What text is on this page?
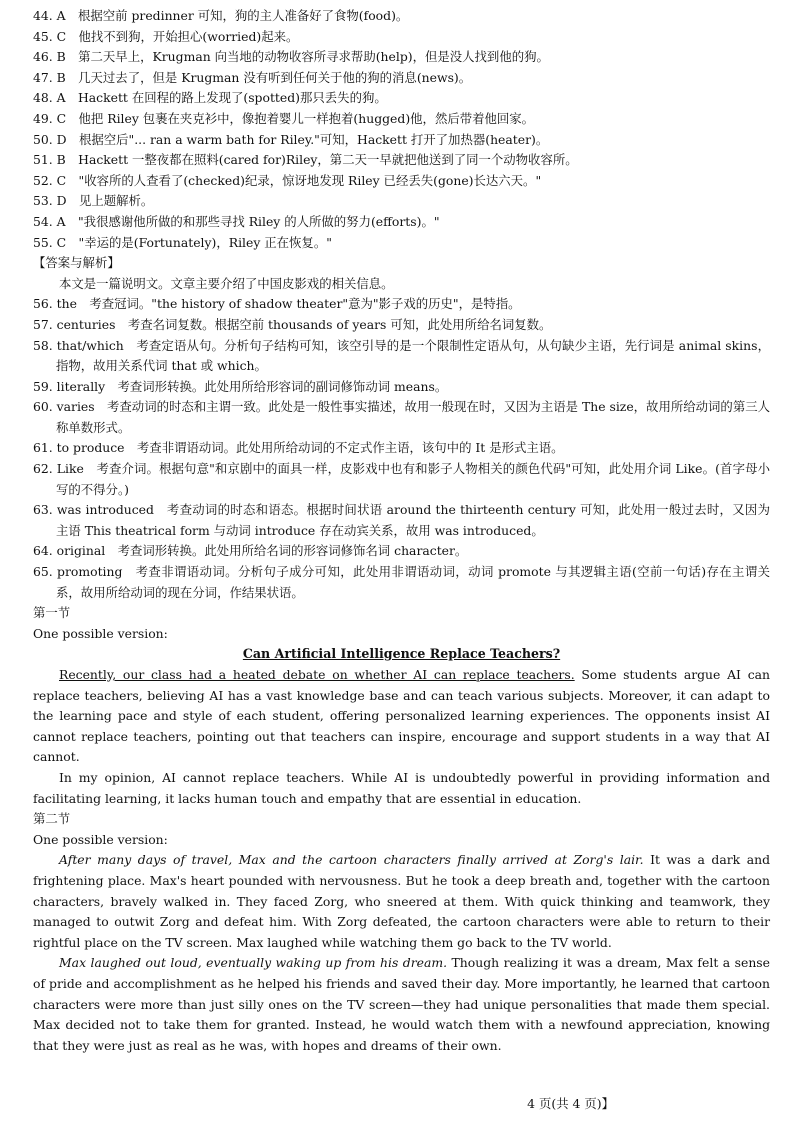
44. A　根据空前 predinner 可知，狗的主人准备好了食物(food)。
45. C　他找不到狗，开始担心(worried)起来。
46. B　第二天早上，Krugman 向当地的动物收容所寻求帮助(help)，但是没人找到他的狗。
47. B　几天过去了，但是 Krugman 没有听到任何关于他的狗的消息(news)。
48. A　Hackett 在回程的路上发现了(spotted)那只丢失的狗。
49. C　他把 Riley 包裹在夹克衫中，像抱着婴儿一样抱着(hugged)他，然后带着他回家。
50. D　根据空后"... ran a warm bath for Riley."可知，Hackett 打开了加热器(heater)。
51. B　Hackett 一整夜都在照料(cared for)Riley，第二天一早就把他送到了同一个动物收容所。
52. C　"收容所的人查看了(checked)纪录，惊讶地发现 Riley 已经丢失(gone)长达六天。"
53. D　见上题解析。
54. A　"我很感谢他所做的和那些寻找 Riley 的人所做的努力(efforts)。"
55. C　"幸运的是(Fortunately)，Riley 正在恢复。"
【答案与解析】
本文是一篇说明文。文章主要介绍了中国皮影戏的相关信息。
56. the　考查冠词。"the history of shadow theater"意为"影子戏的历史"，是特指。
57. centuries　考查名词复数。根据空前 thousands of years 可知，此处用所给名词复数。
58. that/which　考查定语从句。分析句子结构可知，该空引导的是一个限制性定语从句，从句缺少主语，先行词是 animal skins，指物，故用关系代词 that 或 which。
59. literally　考查词形转换。此处用所给形容词的副词修饰动词 means。
60. varies　考查动词的时态和主谓一致。此处是一般性事实描述，故用一般现在时，又因为主语是 The size，故用所给动词的第三人称单数形式。
61. to produce　考查非谓语动词。此处用所给动词的不定式作主语，该句中的 It 是形式主语。
62. Like　考查介词。根据句意"和京剧中的面具一样，皮影戏中也有和影子人物相关的颜色代码"可知，此处用介词 Like。(首字母小写的不得分。)
63. was introduced　考查动词的时态和语态。根据时间状语 around the thirteenth century 可知，此处用一般过去时，又因为主语 This theatrical form 与动词 introduce 存在动宾关系，故用 was introduced。
64. original　考查词形转换。此处用所给名词的形容词修饰名词 character。
65. promoting　考查非谓语动词。分析句子成分可知，此处用非谓语动词，动词 promote 与其逻辑主语(空前一句话)存在主谓关系，故用所给动词的现在分词，作结果状语。
第一节
One possible version:
Can Artificial Intelligence Replace Teachers?
Recently, our class had a heated debate on whether AI can replace teachers. Some students argue AI can replace teachers, believing AI has a vast knowledge base and can teach various subjects. Moreover, it can adapt to the learning pace and style of each student, offering personalized learning experiences. The opponents insist AI cannot replace teachers, pointing out that teachers can inspire, encourage and support students in a way that AI cannot.
In my opinion, AI cannot replace teachers. While AI is undoubtedly powerful in providing information and facilitating learning, it lacks human touch and empathy that are essential in education.
第二节
One possible version:
After many days of travel, Max and the cartoon characters finally arrived at Zorg's lair. It was a dark and frightening place. Max's heart pounded with nervousness. But he took a deep breath and, together with the cartoon characters, bravely walked in. They faced Zorg, who sneered at them. With quick thinking and teamwork, they managed to outwit Zorg and defeat him. With Zorg defeated, the cartoon characters were able to return to their rightful place on the TV screen. Max laughed while watching them go back to the TV world.
Max laughed out loud, eventually waking up from his dream. Though realizing it was a dream, Max felt a sense of pride and accomplishment as he helped his friends and saved their day. More importantly, he learned that cartoon characters were more than just silly ones on the TV screen—they had unique personalities that made them special. Max decided not to take them for granted. Instead, he would watch them with a newfound appreciation, knowing that they were just as real as he was, with hopes and dreams of their own.
4 页(共 4 页)】
